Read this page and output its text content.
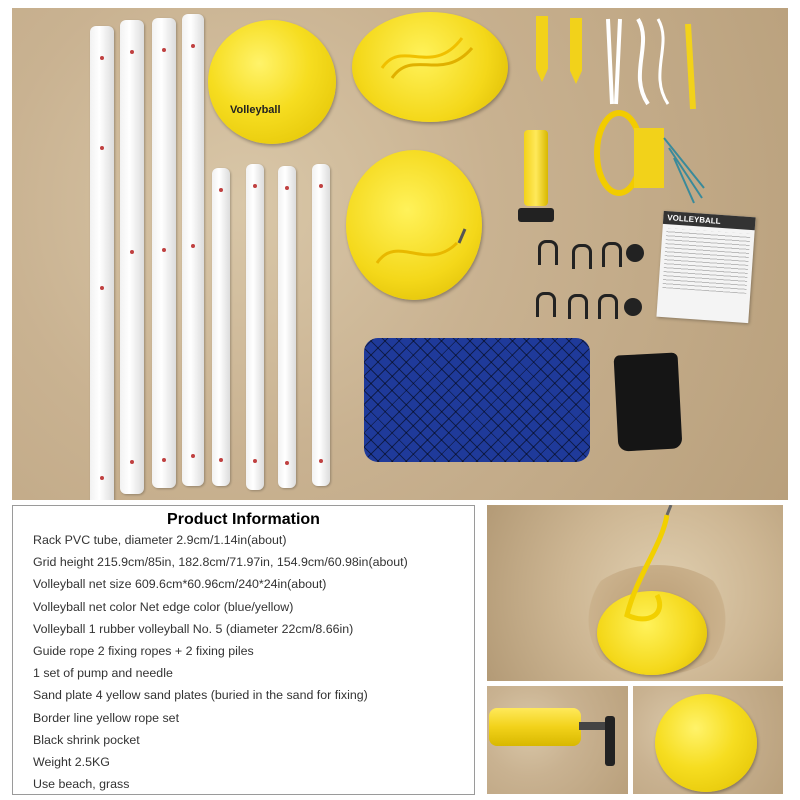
Volleyball
VOLLEYBALL
Product Information
Rack PVC tube, diameter 2.9cm/1.14in(about)
Grid height 215.9cm/85in, 182.8cm/71.97in, 154.9cm/60.98in(about)
Volleyball net size 609.6cm*60.96cm/240*24in(about)
Volleyball net color Net edge color (blue/yellow)
Volleyball 1 rubber volleyball No. 5 (diameter 22cm/8.66in)
Guide rope 2 fixing ropes + 2 fixing piles
1 set of pump and needle
Sand plate 4 yellow sand plates (buried in the sand for fixing)
Border line yellow rope set
Black shrink pocket
Weight 2.5KG
Use beach, grass
